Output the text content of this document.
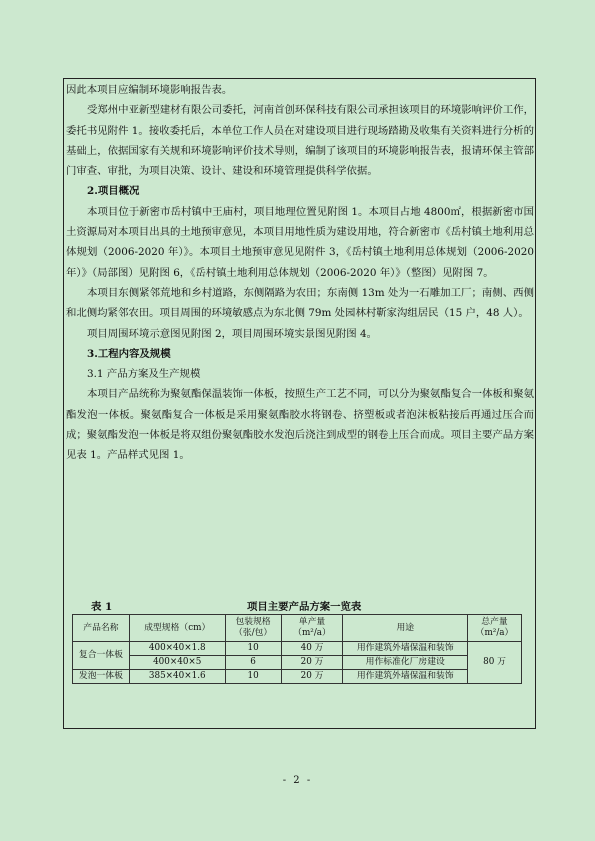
因此本项目应编制环境影响报告表。

受郑州中亚新型建材有限公司委托，河南首创环保科技有限公司承担该项目的环境影响评价工作，委托书见附件 1。接收委托后，本单位工作人员在对建设项目进行现场踏勘及收集有关资料进行分析的基础上，依据国家有关规和环境影响评价技术导则，编制了该项目的环境影响报告表，报请环保主管部门审查、审批，为项目决策、设计、建设和环境管理提供科学依据。

2.项目概况

本项目位于新密市岳村镇中王庙村，项目地理位置见附图 1。本项目占地 4800㎡，根据新密市国土资源局对本项目出具的土地预审意见，本项目用地性质为建设用地，符合新密市《岳村镇土地利用总体规划（2006-2020 年）》。本项目土地预审意见见附件 3，《岳村镇土地利用总体规划（2006-2020 年）》（局部图）见附图 6，《岳村镇土地利用总体规划（2006-2020 年）》（整图）见附图 7。

本项目东侧紧邻荒地和乡村道路，东侧隔路为农田；东南侧 13m 处为一石雕加工厂；南侧、西侧和北侧均紧邻农田。项目周围的环境敏感点为东北侧 79m 处园林村靳家沟组居民（15 户，48 人）。

项目周围环境示意图见附图 2，项目周围环境实景图见附图 4。

3.工程内容及规模

3.1 产品方案及生产规模

本项目产品统称为聚氨酯保温装饰一体板，按照生产工艺不同，可以分为聚氨酯复合一体板和聚氨酯发泡一体板。聚氨酯复合一体板是采用聚氨酯胶水将钢卷、挤塑板或者泡沫板粘接后再通过压合而成；聚氨酯发泡一体板是将双组份聚氨酯胶水发泡后浇注到成型的钢卷上压合而成。项目主要产品方案见表 1。产品样式见图 1。

表 1	项目主要产品方案一览表
产品名称	成型规格（cm）	包装规格（张/包）	单产量（m²/a）	用途	总产量（m²/a）
复合一体板	400×40×1.8	10	40 万	用作建筑外墙保温和装饰	80 万
	400×40×5	6	20 万	用作标准化厂房建设	
发泡一体板	385×40×1.6	10	20 万	用作建筑外墙保温和装饰	
- 2 -
